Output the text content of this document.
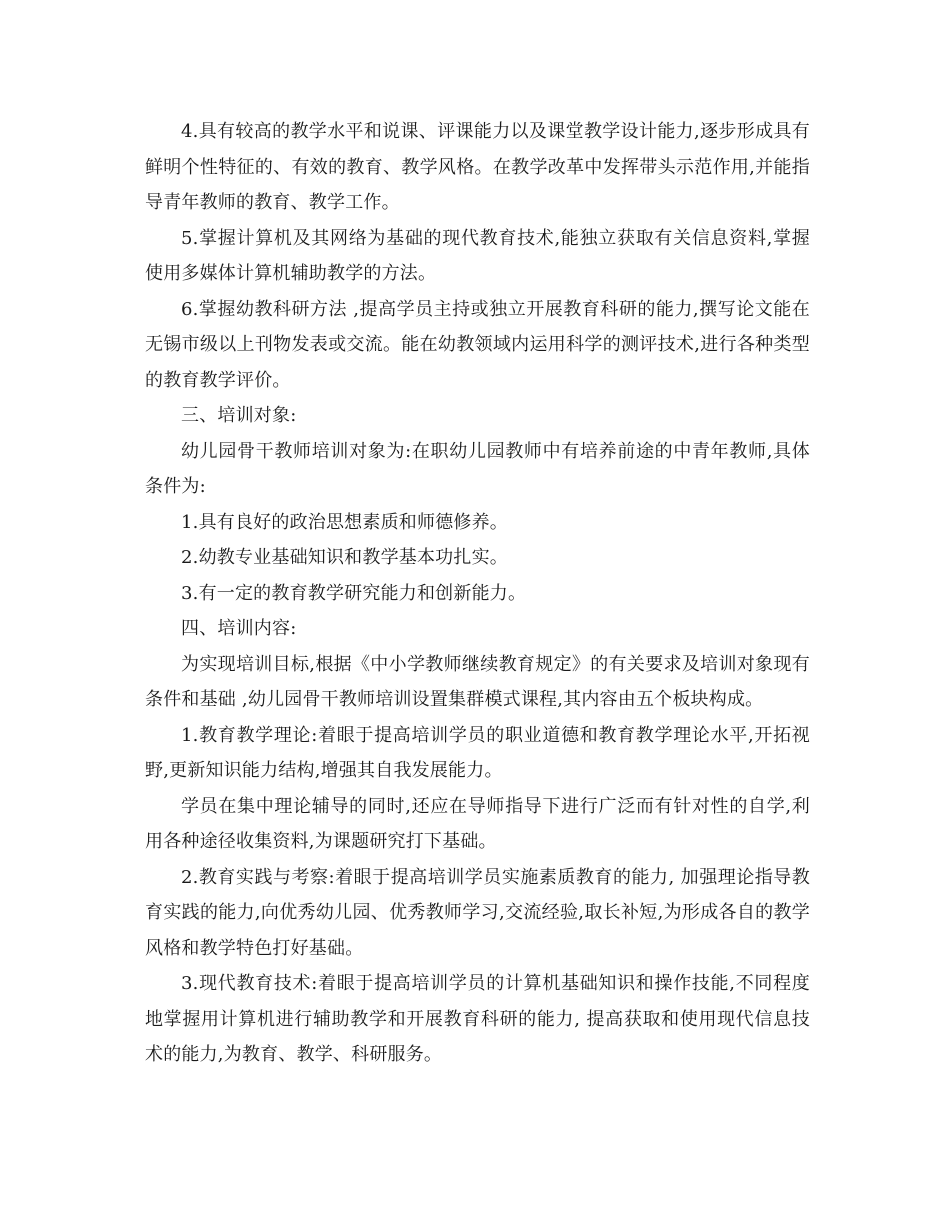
4.具有较高的教学水平和说课、评课能力以及课堂教学设计能力,逐步形成具有鲜明个性特征的、有效的教育、教学风格。在教学改革中发挥带头示范作用,并能指导青年教师的教育、教学工作。

5.掌握计算机及其网络为基础的现代教育技术,能独立获取有关信息资料,掌握使用多媒体计算机辅助教学的方法。

6.掌握幼教科研方法 ,提高学员主持或独立开展教育科研的能力,撰写论文能在无锡市级以上刊物发表或交流。能在幼教领域内运用科学的测评技术,进行各种类型的教育教学评价。

三、培训对象:

幼儿园骨干教师培训对象为:在职幼儿园教师中有培养前途的中青年教师,具体条件为:

1.具有良好的政治思想素质和师德修养。

2.幼教专业基础知识和教学基本功扎实。

3.有一定的教育教学研究能力和创新能力。

四、培训内容:

为实现培训目标,根据《中小学教师继续教育规定》的有关要求及培训对象现有条件和基础 ,幼儿园骨干教师培训设置集群模式课程,其内容由五个板块构成。

1.教育教学理论:着眼于提高培训学员的职业道德和教育教学理论水平,开拓视野,更新知识能力结构,增强其自我发展能力。

学员在集中理论辅导的同时,还应在导师指导下进行广泛而有针对性的自学,利用各种途径收集资料,为课题研究打下基础。

2.教育实践与考察:着眼于提高培训学员实施素质教育的能力, 加强理论指导教育实践的能力,向优秀幼儿园、优秀教师学习,交流经验,取长补短,为形成各自的教学风格和教学特色打好基础。

3.现代教育技术:着眼于提高培训学员的计算机基础知识和操作技能,不同程度地掌握用计算机进行辅助教学和开展教育科研的能力, 提高获取和使用现代信息技术的能力,为教育、教学、科研服务。
